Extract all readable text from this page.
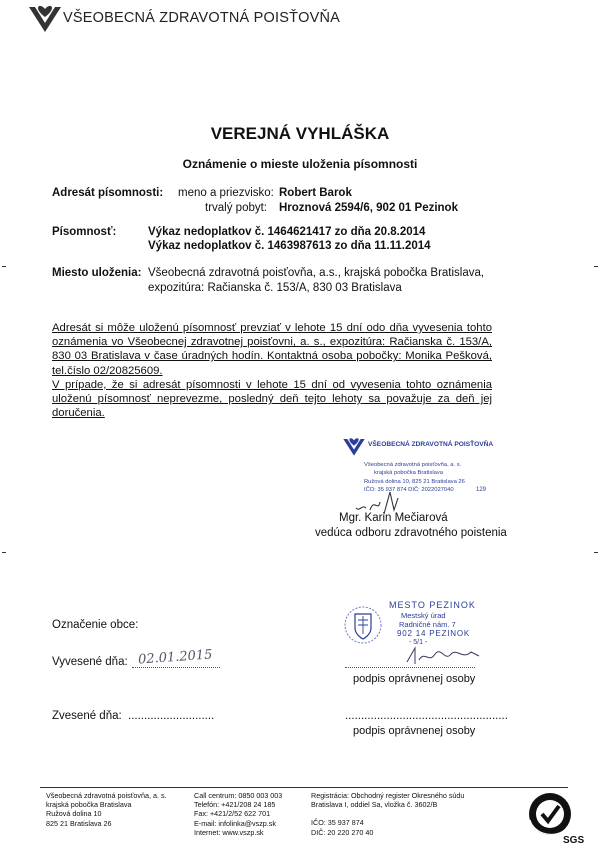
VŠEOBECNÁ ZDRAVOTNÁ POISŤOVŇA
VEREJNÁ VYHLÁŠKA
Oznámenie o mieste uloženia písomnosti
Adresát písomnosti: meno a priezvisko: Robert Barok
trvalý pobyt: Hroznová 2594/6, 902 01 Pezinok
Písomnosť:	Výkaz nedoplatkov č. 1464621417 zo dňa 20.8.2014
Výkaz nedoplatkov č. 1463987613 zo dňa 11.11.2014
Miesto uloženia: Všeobecná zdravotná poisťovňa, a.s., krajská pobočka Bratislava,
expozitúra: Račianska č. 153/A, 830 03 Bratislava
Adresát si môže uloženú písomnosť prevziať v lehote 15 dní odo dňa vyvesenia tohto oznámenia vo Všeobecnej zdravotnej poisťovni, a. s., expozitúra: Račianska č. 153/A, 830 03 Bratislava v čase úradných hodín. Kontaktná osoba pobočky: Monika Pešková, tel.číslo 02/20825609.
V prípade, že si adresát písomnosti v lehote 15 dní od vyvesenia tohto oznámenia uloženú písomnosť neprevezme, posledný deň tejto lehoty sa považuje za deň jej doručenia.
VŠEOBECNÁ ZDRAVOTNÁ POISŤOVŇA
Všeobecná zdravotná poisťovňa, a. s.
krajská pobočka Bratislava
Ružová dolina 10, 825 21 Bratislava 26
IČO: 35 937 874 DIČ: 2022027040	129
Mgr. Karin Mečiarová
vedúca odboru zdravotného poistenia
Označenie obce:
MESTO PEZINOK
Mestský úrad
Radničné nám. 7
902 14 PEZINOK
- 5/1 -
Vyvesené dňa: 02.01.2015
podpis oprávnenej osoby
Zvesené dňa: ...........................	...................................................
podpis oprávnenej osoby
Všeobecná zdravotná poisťovňa, a. s.
krajská pobočka Bratislava
Ružová dolina 10
825 21 Bratislava 26
Call centrum: 0850 003 003
Telefón: +421/208 24 185
Fax: +421/2/52 622 701
E-mail: infolinka@vszp.sk
Internet: www.vszp.sk
Registrácia: Obchodný register Okresného súdu
Bratislava I, oddiel Sa, vložka č. 3602/B
IČO: 35 937 874
DIČ: 20 220 270 40
SGS
